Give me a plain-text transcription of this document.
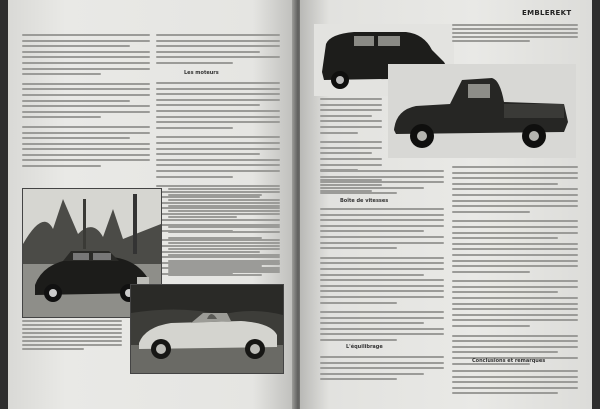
Les moteurs
EMBLEREKT
Boîte de vitesses
L'équilibrage
Conclusions et remarques
